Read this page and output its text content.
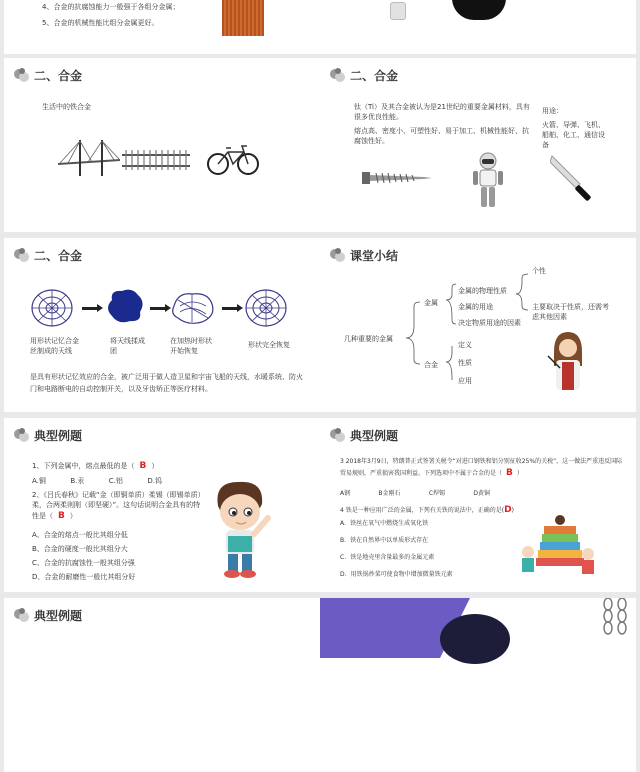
4、合金的抗腐蚀能力一般强于各组分金属；
5、合金的机械性能比组分金属更好。
二、合金
生活中的铁合金
二、合金
钛（Ti）及其合金被认为是21世纪的重要金属材料，具有很多优良性能。
熔点高、密度小、可塑性好、易于加工、机械性能好、抗腐蚀性好。
用途：
火箭、导弹、飞机、船舶、化工、通信设备
二、合金
用形状记忆合金丝制成的天线
将天线揉成团
在加热时形状开始恢复
形状完全恢复
是具有形状记忆效应的合金，被广泛用于做人造卫星和宇宙飞船的天线，水暖系统、防火门和电路断电的自动控制开关，以及牙齿矫正等医疗材料。
课堂小结
几种重要的金属
金属
金属的物理性质
金属的用途
决定物质用途的因素
个性
主要取决于性质，还需考虑其他因素
合金
定义
性质
应用
典型例题
1、下列金属中，熔点最低的是（ B ）
A.铜	B.汞	C.铝	D.钨
2、《吕氏春秋》记载“金（即铜单质）柔锡（即锡单质）柔，合两柔则刚（即坚硬）”。这句话说明合金具有的特性是（ B ）
A、合金的熔点一般比其组分低
B、合金的硬度一般比其组分大
C、合金的抗腐蚀性一般其组分强
D、合金的耐磨性一般比其组分好
典型例题
3 2018年3月9日，特朗普正式签署关税令“对进口钢铁和铝分别征收25%的关税”，这一做法严重违反国际贸易规则，严重损害我国利益。下列选项中不属于合金的是（ B ）
A钢	B金刚石	C焊锡	D黄铜
4 铁是一种应用广泛的金属，下列有关铁的说法中，正确的是(D)
A．铁丝在氧气中燃烧生成氧化铁
B．铁在自然界中以单质形式存在
C．铁是地壳里含量最多的金属元素
D．用铁锅炒菜可使食物中增加微量铁元素
典型例题
